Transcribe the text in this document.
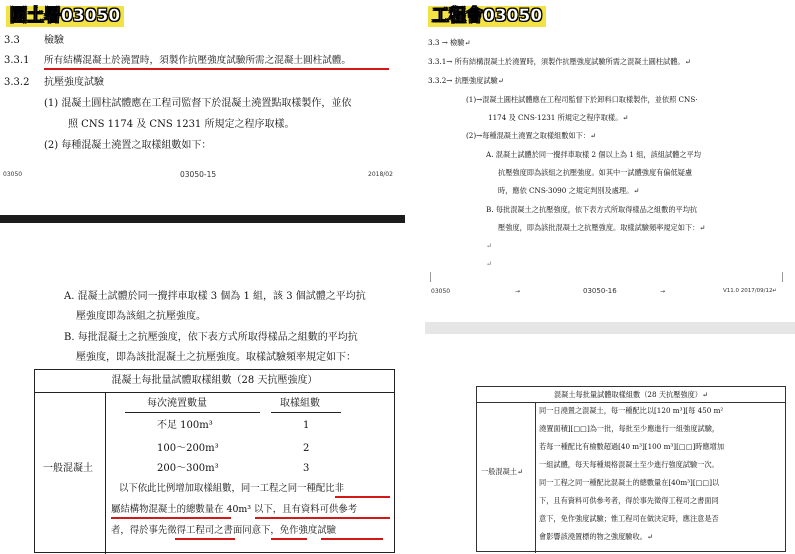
國土署03050
3.3 檢驗
3.3.1 所有結構混凝土於澆置時，須製作抗壓強度試驗所需之混凝土圓柱試體。
3.3.2 抗壓強度試驗
(1) 混凝土圓柱試體應在工程司監督下於混凝土澆置點取樣製作，並依
照 CNS 1174 及 CNS 1231 所規定之程序取樣。
(2) 每種混凝土澆置之取樣組數如下：
03050	03050-15	2018/02
A. 混凝土試體於同一攪拌車取樣 3 個為 1 組，該 3 個試體之平均抗
壓強度即為該組之抗壓強度。
B. 每批混凝土之抗壓強度，依下表方式所取得樣品之組數的平均抗
壓強度，即為該批混凝土之抗壓強度。取樣試驗頻率規定如下：
混凝土每批量試體取樣組數（28 天抗壓強度）
一般混凝土
每次澆置數量	取樣組數
不足 100m³	1
100～200m³	2
200～300m³	3
以下依此比例增加取樣組數，同一工程之同一種配比非
屬結構物混凝土的總數量在 40m³ 以下，且有資料可供參考
者，得於事先徵得工程司之書面同意下，免作強度試驗
工程會03050
3.3 → 檢驗↵
3.3.1→ 所有結構混凝土於澆置時，須製作抗壓強度試驗所需之混凝土圓柱試體。↵
3.3.2→ 抗壓強度試驗↵
(1)→混凝土圓柱試體應在工程司監督下於卸料口取樣製作，並依照 CNS·
1174 及 CNS·1231 所規定之程序取樣。↵
(2)→每種混凝土澆置之取樣組數如下：↵
A. 混凝土試體於同一攪拌車取樣 2 個以上為 1 組，該組試體之平均
抗壓強度即為該組之抗壓強度。如其中一試體強度有偏低疑慮
時，應依 CNS·3090 之規定判別及處理。↵
B. 每批混凝土之抗壓強度，依下表方式所取得樣品之組數的平均抗
壓強度，即為該批混凝土之抗壓強度。取樣試驗頻率規定如下：↵
↵
↵
03050	→	03050-16	→	V11.0 2017/09/12↵
混凝土每批量試體取樣組數（28 天抗壓強度）↵
一般混凝土↵
同一日澆置之混凝土，每一種配比以[120 m³][每 450 m²
澆置面積][□□]為一批，每批至少應進行一組強度試驗，
若每一種配比有檢數超過[40 m³][100 m³][□□]時應增加
一組試體，每天每種規格混凝土至少進行強度試驗一次。
同一工程之同一種配比混凝土的總數量在[40m³][□□]以
下，且有資料可供參考者，得於事先徵得工程司之書面同
意下，免作強度試驗；惟工程司在做決定時，應注意是否
會影響該澆置標的物之強度驗收。↵
